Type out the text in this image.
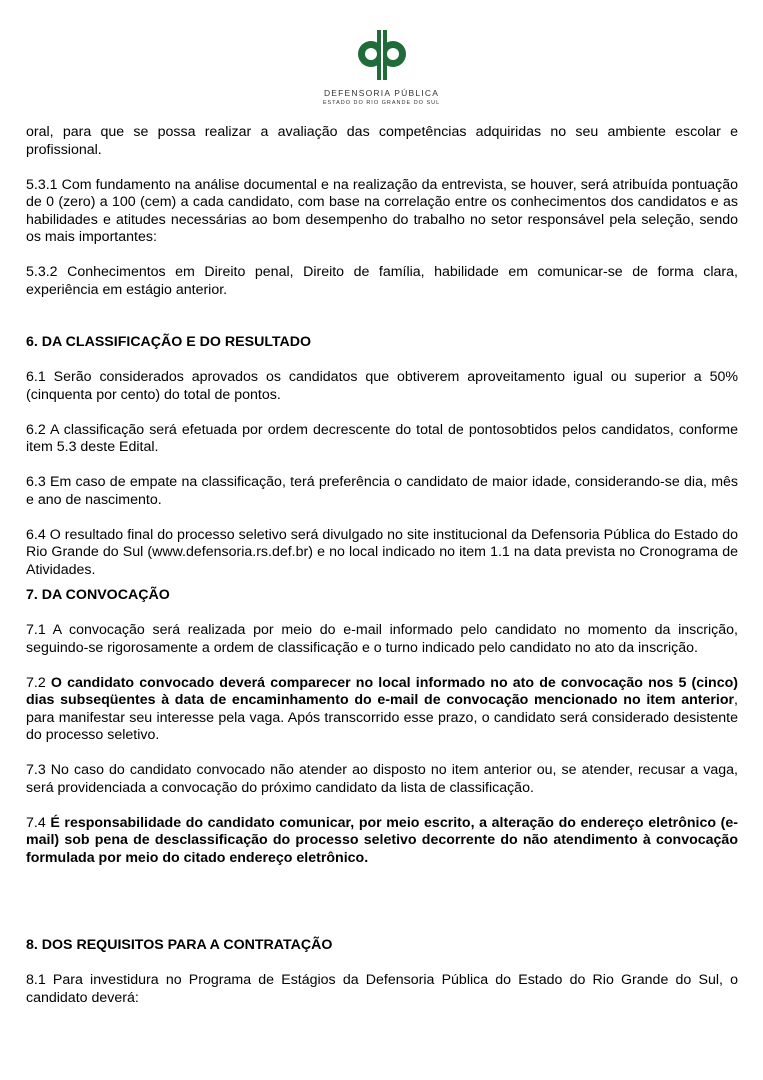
DEFENSORIA PÚBLICA
ESTADO DO RIO GRANDE DO SUL

oral, para que se possa realizar a avaliação das competências adquiridas no seu ambiente escolar e profissional.

5.3.1 Com fundamento na análise documental e na realização da entrevista, se houver, será atribuída pontuação de 0 (zero) a 100 (cem) a cada candidato, com base na correlação entre os conhecimentos dos candidatos e as habilidades e atitudes necessárias ao bom desempenho do trabalho no setor responsável pela seleção, sendo os mais importantes:

5.3.2 Conhecimentos em Direito penal, Direito de família, habilidade em comunicar-se de forma clara, experiência em estágio anterior.

6. DA CLASSIFICAÇÃO E DO RESULTADO

6.1 Serão considerados aprovados os candidatos que obtiverem aproveitamento igual ou superior a 50% (cinquenta por cento) do total de pontos.

6.2 A classificação será efetuada por ordem decrescente do total de pontosobtidos pelos candidatos, conforme item 5.3 deste Edital.

6.3 Em caso de empate na classificação, terá preferência o candidato de maior idade, considerando-se dia, mês e ano de nascimento.

6.4 O resultado final do processo seletivo será divulgado no site institucional da Defensoria Pública do Estado do Rio Grande do Sul (www.defensoria.rs.def.br) e no local indicado no item 1.1 na data prevista no Cronograma de Atividades.

7. DA CONVOCAÇÃO

7.1 A convocação será realizada por meio do e-mail informado pelo candidato no momento da inscrição, seguindo-se rigorosamente a ordem de classificação e o turno indicado pelo candidato no ato da inscrição.

7.2 O candidato convocado deverá comparecer no local informado no ato de convocação nos 5 (cinco) dias subseqüentes à data de encaminhamento do e-mail de convocação mencionado no item anterior, para manifestar seu interesse pela vaga. Após transcorrido esse prazo, o candidato será considerado desistente do processo seletivo.

7.3 No caso do candidato convocado não atender ao disposto no item anterior ou, se atender, recusar a vaga, será providenciada a convocação do próximo candidato da lista de classificação.

7.4 É responsabilidade do candidato comunicar, por meio escrito, a alteração do endereço eletrônico (e-mail) sob pena de desclassificação do processo seletivo decorrente do não atendimento à convocação formulada por meio do citado endereço eletrônico.

8. DOS REQUISITOS PARA A CONTRATAÇÃO

8.1 Para investidura no Programa de Estágios da Defensoria Pública do Estado do Rio Grande do Sul, o candidato deverá:
